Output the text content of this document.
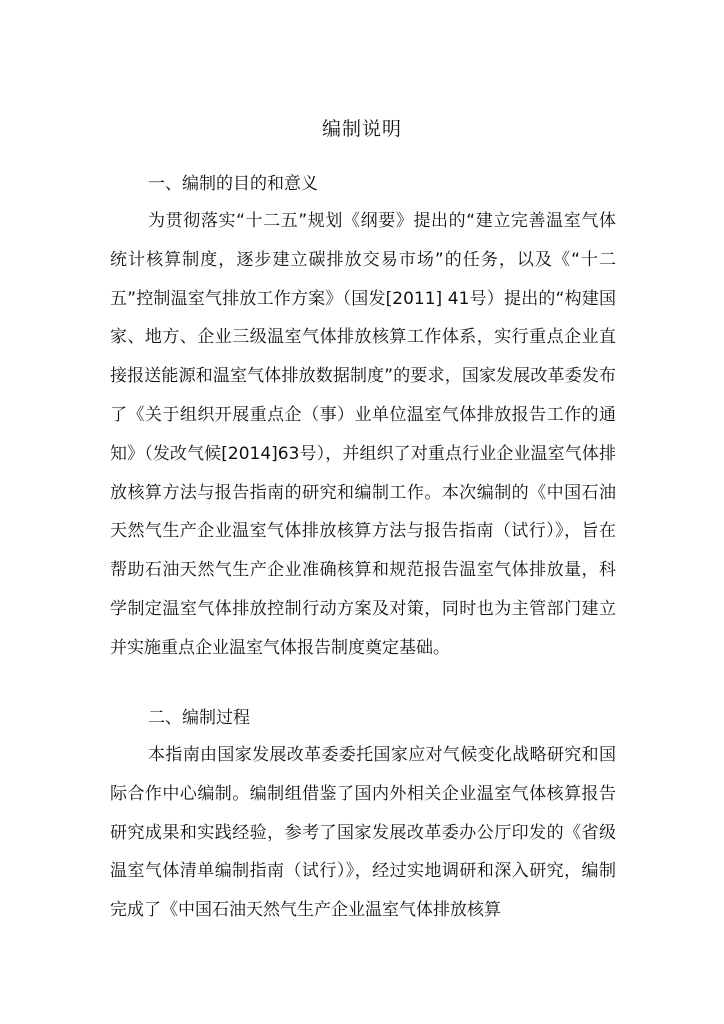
编制说明
一、编制的目的和意义

为贯彻落实“十二五”规划《纲要》提出的“建立完善温室气体统计核算制度，逐步建立碳排放交易市场”的任务，以及《“十二五”控制温室气排放工作方案》（国发[2011] 41号）提出的“构建国家、地方、企业三级温室气体排放核算工作体系，实行重点企业直接报送能源和温室气体排放数据制度”的要求，国家发展改革委发布了《关于组织开展重点企（事）业单位温室气体排放报告工作的通知》（发改气候[2014]63号），并组织了对重点行业企业温室气体排放核算方法与报告指南的研究和编制工作。本次编制的《中国石油天然气生产企业温室气体排放核算方法与报告指南（试行）》，旨在帮助石油天然气生产企业准确核算和规范报告温室气体排放量，科学制定温室气体排放控制行动方案及对策，同时也为主管部门建立并实施重点企业温室气体报告制度奠定基础。

二、编制过程

本指南由国家发展改革委委托国家应对气候变化战略研究和国际合作中心编制。编制组借鉴了国内外相关企业温室气体核算报告研究成果和实践经验，参考了国家发展改革委办公厅印发的《省级温室气体清单编制指南（试行）》，经过实地调研和深入研究，编制完成了《中国石油天然气生产企业温室气体排放核算
